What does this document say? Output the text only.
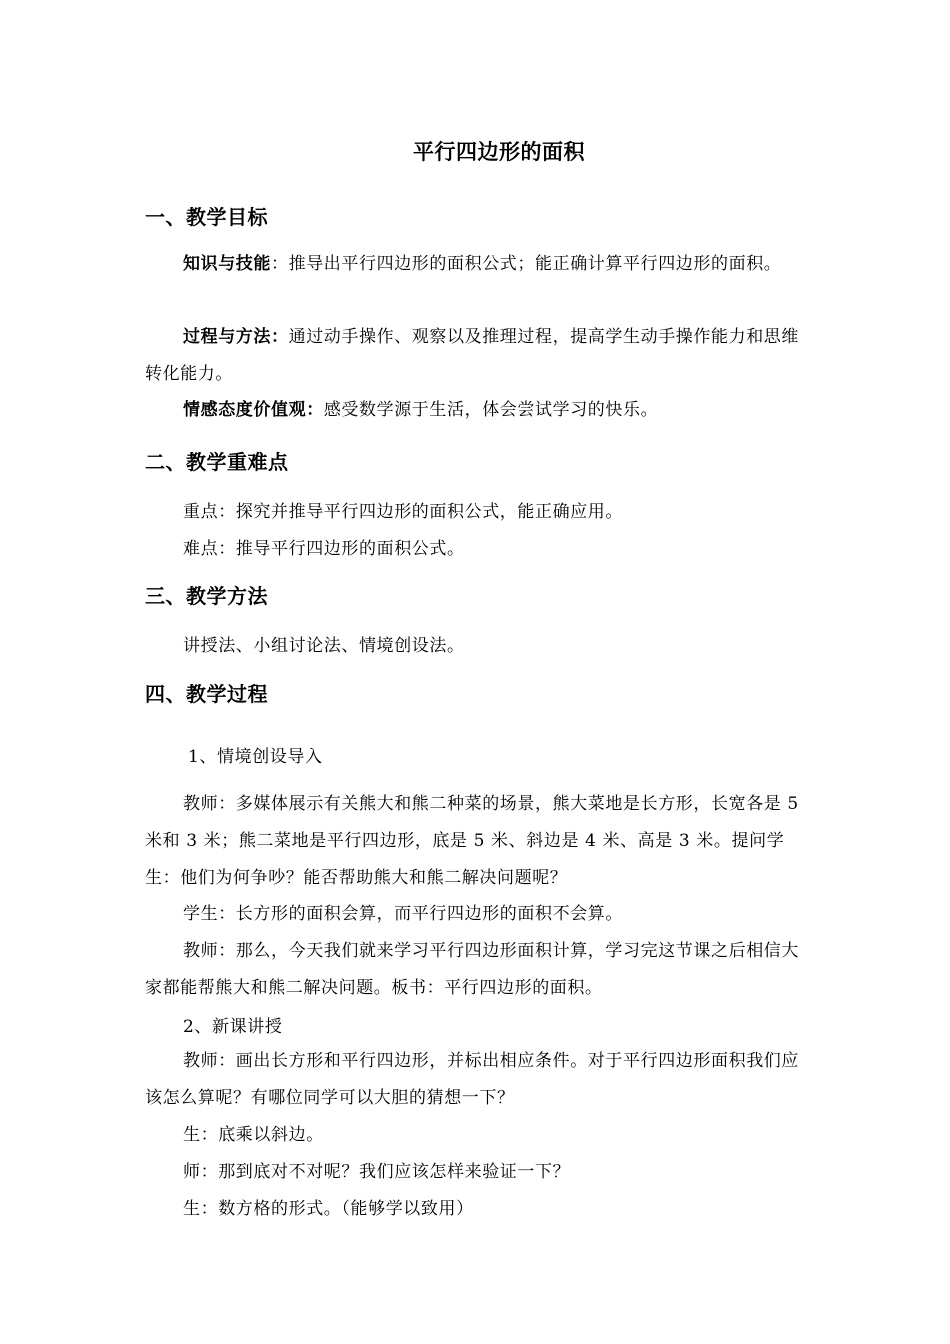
平行四边形的面积
一、教学目标
知识与技能：推导出平行四边形的面积公式；能正确计算平行四边形的面积。
过程与方法：通过动手操作、观察以及推理过程，提高学生动手操作能力和思维转化能力。
情感态度价值观：感受数学源于生活，体会尝试学习的快乐。
二、教学重难点
重点：探究并推导平行四边形的面积公式，能正确应用。
难点：推导平行四边形的面积公式。
三、教学方法
讲授法、小组讨论法、情境创设法。
四、教学过程
1、情境创设导入
教师：多媒体展示有关熊大和熊二种菜的场景，熊大菜地是长方形，长宽各是 5 米和 3 米；熊二菜地是平行四边形，底是 5 米、斜边是 4 米、高是 3 米。提问学生：他们为何争吵？能否帮助熊大和熊二解决问题呢？
学生：长方形的面积会算，而平行四边形的面积不会算。
教师：那么，今天我们就来学习平行四边形面积计算，学习完这节课之后相信大家都能帮熊大和熊二解决问题。板书：平行四边形的面积。
2、新课讲授
教师：画出长方形和平行四边形，并标出相应条件。对于平行四边形面积我们应该怎么算呢？有哪位同学可以大胆的猜想一下？
生：底乘以斜边。
师：那到底对不对呢？我们应该怎样来验证一下？
生：数方格的形式。（能够学以致用）
